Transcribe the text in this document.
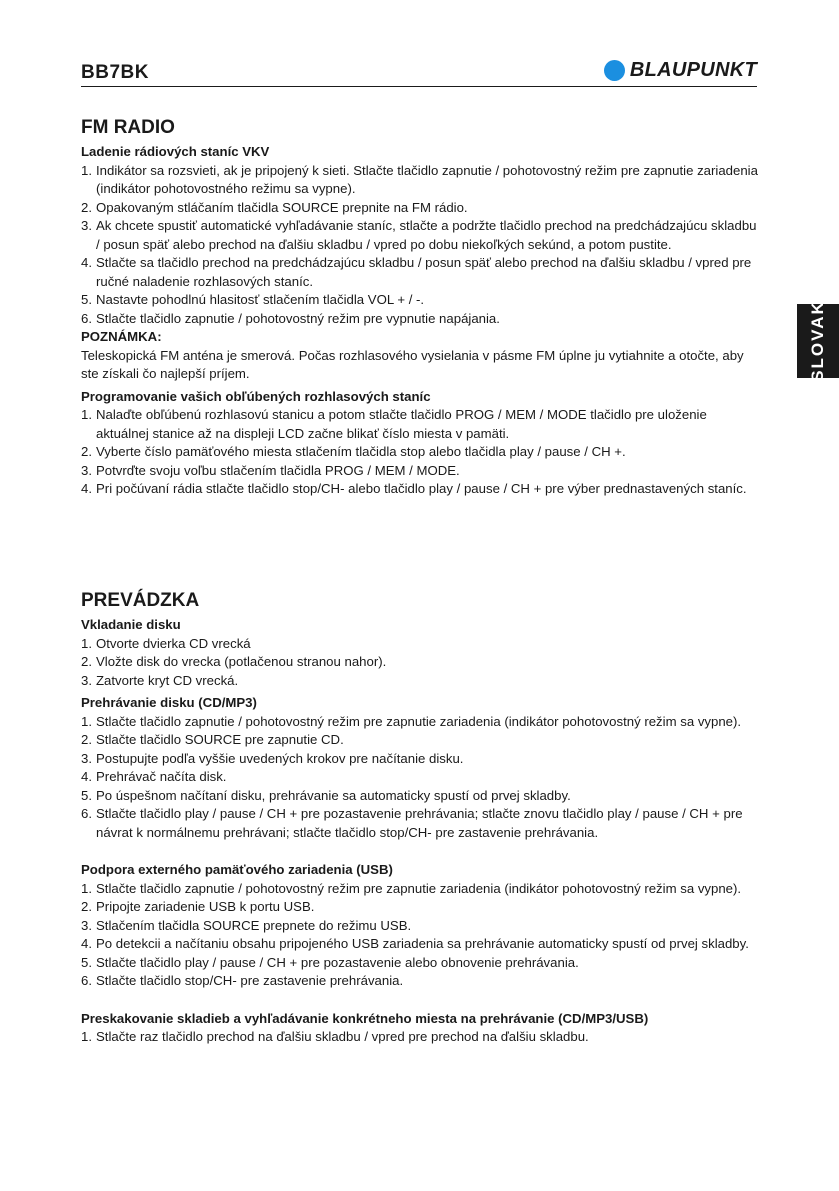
BB7BK	BLAUPUNKT
SLOVAK
FM RADIO

Ladenie rádiových staníc VKV

1. Indikátor sa rozsvieti, ak je pripojený k sieti. Stlačte tlačidlo zapnutie / pohotovostný režim pre zapnutie zariadenia (indikátor pohotovostného režimu sa vypne).
2. Opakovaným stláčaním tlačidla SOURCE prepnite na FM rádio.
3. Ak chcete spustiť automatické vyhľadávanie staníc, stlačte a podržte tlačidlo prechod na predchádzajúcu skladbu / posun späť alebo prechod na ďalšiu skladbu / vpred po dobu niekoľkých sekúnd, a potom pustite.
4. Stlačte sa tlačidlo prechod na predchádzajúcu skladbu / posun späť alebo prechod na ďalšiu skladbu / vpred pre ručné naladenie rozhlasových staníc.
5. Nastavte pohodlnú hlasitosť stlačením tlačidla VOL + / -.
6. Stlačte tlačidlo zapnutie / pohotovostný režim pre vypnutie napájania.

POZNÁMKA:

Teleskopická FM anténa je smerová. Počas rozhlasového vysielania v pásme FM úplne ju vytiahnite a otočte, aby ste získali čo najlepší príjem.

Programovanie vašich obľúbených rozhlasových staníc

1. Nalaďte obľúbenú rozhlasovú stanicu a potom stlačte tlačidlo PROG / MEM / MODE tlačidlo pre uloženie aktuálnej stanice až na displeji LCD začne blikať číslo miesta v pamäti.
2. Vyberte číslo pamäťového miesta stlačením tlačidla stop alebo tlačidla play / pause / CH +.
3. Potvrďte svoju voľbu stlačením tlačidla PROG / MEM / MODE.
4. Pri počúvaní rádia stlačte tlačidlo stop/CH- alebo tlačidlo play / pause / CH + pre výber prednastavených staníc.
PREVÁDZKA

Vkladanie disku

1. Otvorte dvierka CD vrecká
2. Vložte disk do vrecka (potlačenou stranou nahor).
3. Zatvorte kryt CD vrecká.

Prehrávanie disku (CD/MP3)

1. Stlačte tlačidlo zapnutie / pohotovostný režim pre zapnutie zariadenia (indikátor pohotovostný režim sa vypne).
2. Stlačte tlačidlo SOURCE pre zapnutie CD.
3. Postupujte podľa vyššie uvedených krokov pre načítanie disku.
4. Prehrávač načíta disk.
5. Po úspešnom načítaní disku, prehrávanie sa automaticky spustí od prvej skladby.
6. Stlačte tlačidlo play / pause / CH + pre pozastavenie prehrávania; stlačte znovu tlačidlo play / pause / CH + pre návrat k normálnemu prehrávani; stlačte tlačidlo stop/CH- pre zastavenie prehrávania.

Podpora externého pamäťového zariadenia (USB)

1. Stlačte tlačidlo zapnutie / pohotovostný režim pre zapnutie zariadenia (indikátor pohotovostný režim sa vypne).
2. Pripojte zariadenie USB k portu USB.
3. Stlačením tlačidla SOURCE prepnete do režimu USB.
4. Po detekcii a načítaniu obsahu pripojeného USB zariadenia sa prehrávanie automaticky spustí od prvej skladby.
5. Stlačte tlačidlo play / pause / CH + pre pozastavenie alebo obnovenie prehrávania.
6. Stlačte tlačidlo stop/CH- pre zastavenie prehrávania.

Preskakovanie skladieb a vyhľadávanie konkrétneho miesta na prehrávanie (CD/MP3/USB)

1. Stlačte raz tlačidlo prechod na ďalšiu skladbu / vpred pre prechod na ďalšiu skladbu.
